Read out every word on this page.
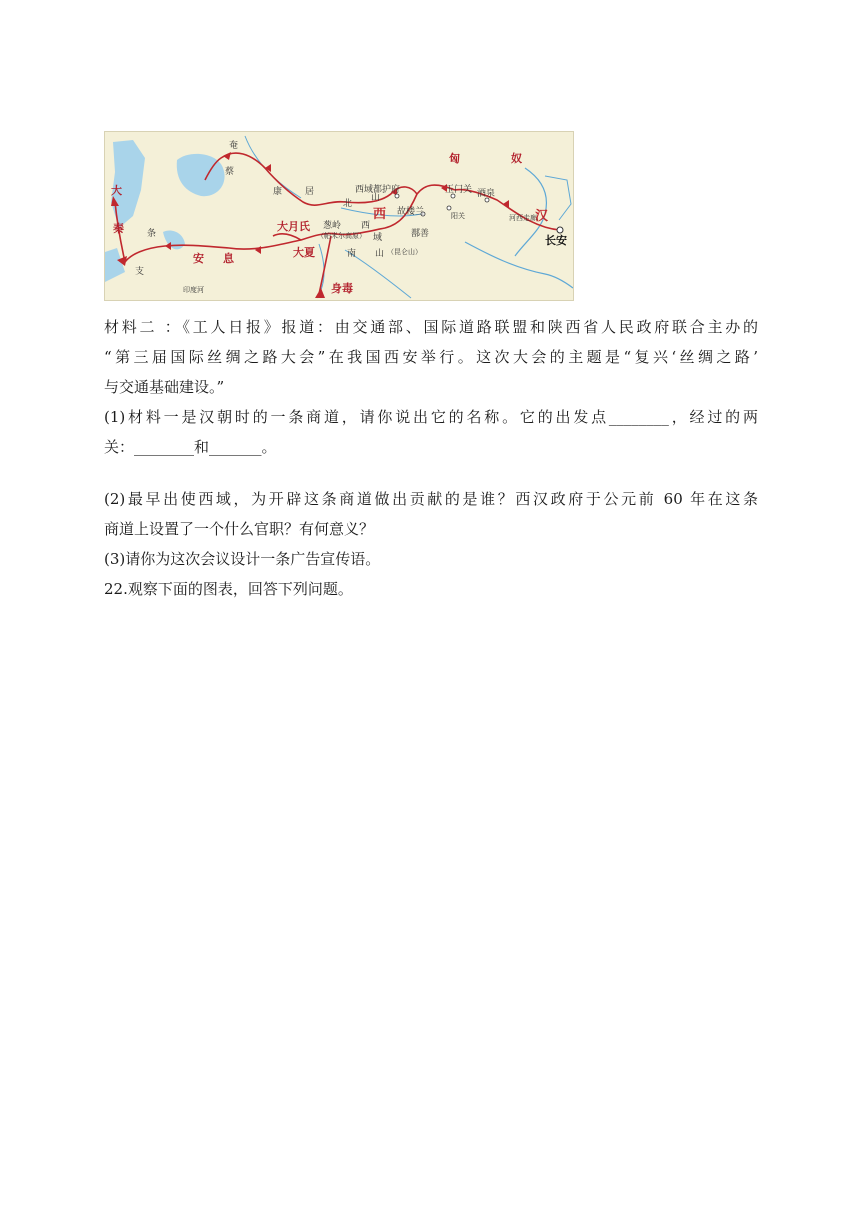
奄
蔡
康	居
匈	奴
大
秦	条
支
安 息
大月氏
大夏
葱岭
（帕米尔高原）
西域都护府
北
山
西 故楼兰
玉门关 酒泉
阳关
西
域	鄯善
南 山 （昆仑山）
汉
长安
河西走廊
身毒
印度河

材料二 ：《工人日报》报道：由交通部、国际道路联盟和陕西省人民政府联合主办的

“第三届国际丝绸之路大会”在我国西安举行。这次大会的主题是“复兴‘丝绸之路’

与交通基础建设。”

(1)材料一是汉朝时的一条商道，请你说出它的名称。它的出发点________，经过的两

关：________和_______。

(2)最早出使西域，为开辟这条商道做出贡献的是谁？西汉政府于公元前 60 年在这条

商道上设置了一个什么官职？有何意义？

(3)请你为这次会议设计一条广告宣传语。

22.观察下面的图表，回答下列问题。
